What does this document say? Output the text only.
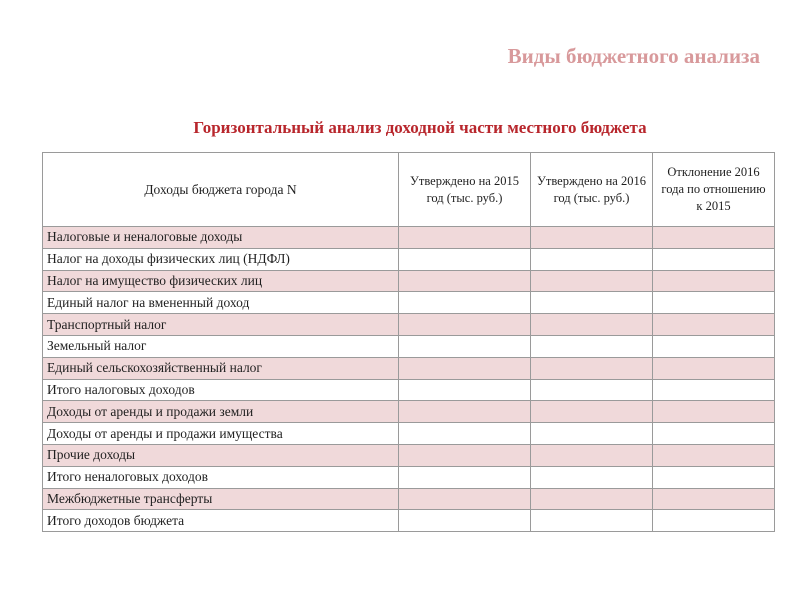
Виды бюджетного анализа
Горизонтальный анализ доходной части местного бюджета
Доходы бюджета города N	Утверждено на 2015 год (тыс. руб.)	Утверждено на 2016 год (тыс. руб.)	Отклонение 2016 года по отношению к 2015
Налоговые и неналоговые доходы			
Налог на доходы физических лиц (НДФЛ)			
Налог на имущество физических лиц			
Единый налог на вмененный доход			
Транспортный налог			
Земельный налог			
Единый сельскохозяйственный налог			
Итого налоговых доходов			
Доходы от аренды и продажи земли			
Доходы от аренды и продажи имущества			
Прочие доходы			
Итого неналоговых доходов			
Межбюджетные трансферты			
Итого доходов бюджета			
